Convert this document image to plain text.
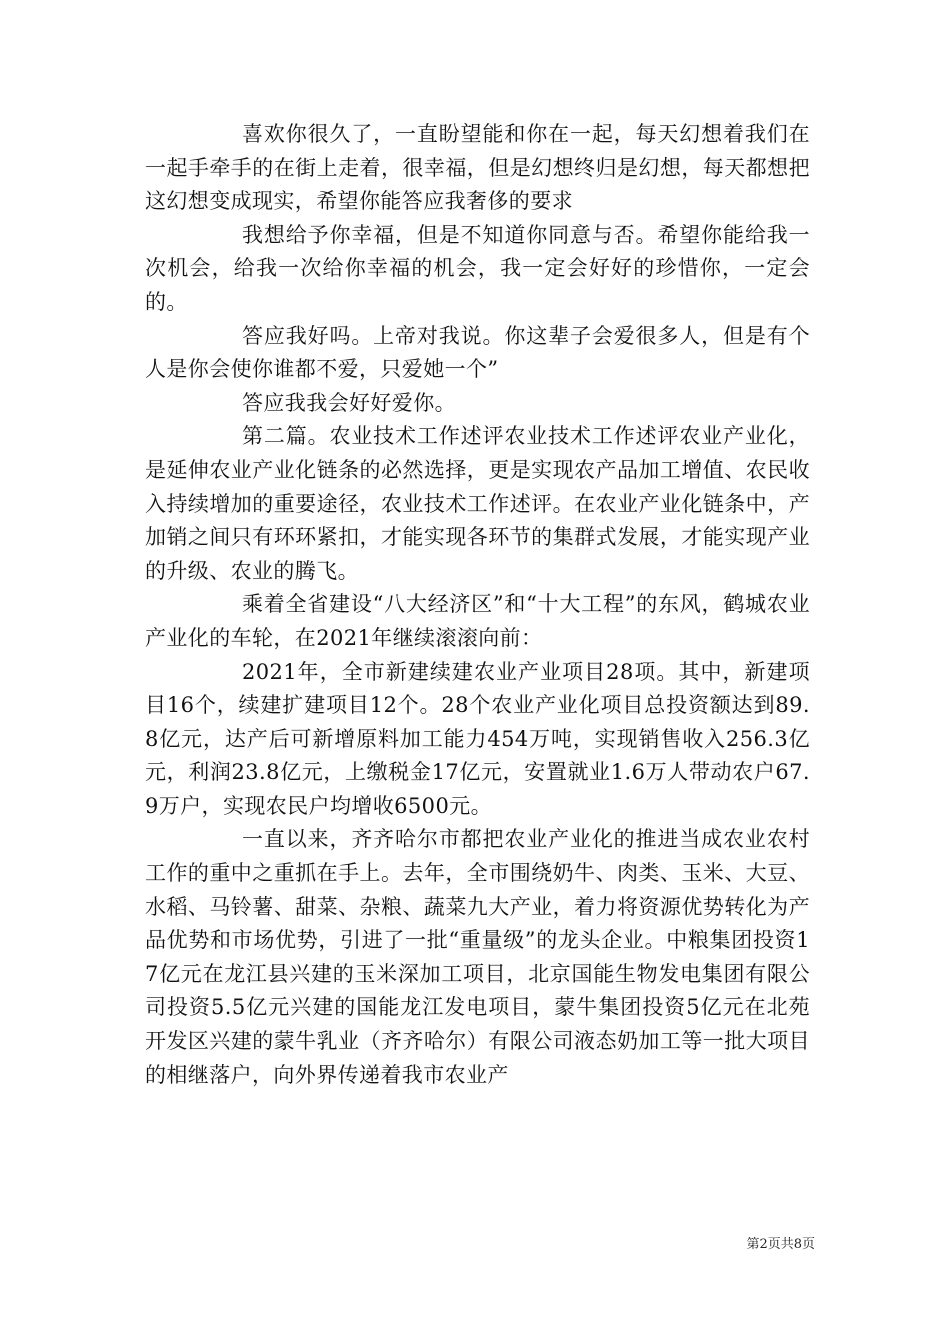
喜欢你很久了，一直盼望能和你在一起，每天幻想着我们在一起手牵手的在街上走着，很幸福，但是幻想终归是幻想，每天都想把这幻想变成现实，希望你能答应我奢侈的要求

我想给予你幸福，但是不知道你同意与否。希望你能给我一次机会，给我一次给你幸福的机会，我一定会好好的珍惜你，一定会的。

答应我好吗。上帝对我说。你这辈子会爱很多人，但是有个人是你会使你谁都不爱，只爱她一个”

答应我我会好好爱你。

第二篇。农业技术工作述评农业技术工作述评农业产业化，是延伸农业产业化链条的必然选择，更是实现农产品加工增值、农民收入持续增加的重要途径，农业技术工作述评。在农业产业化链条中，产加销之间只有环环紧扣，才能实现各环节的集群式发展，才能实现产业的升级、农业的腾飞。

乘着全省建设“八大经济区”和“十大工程”的东风，鹤城农业产业化的车轮，在2021年继续滚滚向前：

2021年，全市新建续建农业产业项目28项。其中，新建项目16个，续建扩建项目12个。28个农业产业化项目总投资额达到89.8亿元，达产后可新增原料加工能力454万吨，实现销售收入256.3亿元，利润23.8亿元，上缴税金17亿元，安置就业1.6万人带动农户67.9万户，实现农民户均增收6500元。

一直以来，齐齐哈尔市都把农业产业化的推进当成农业农村工作的重中之重抓在手上。去年，全市围绕奶牛、肉类、玉米、大豆、水稻、马铃薯、甜菜、杂粮、蔬菜九大产业，着力将资源优势转化为产品优势和市场优势，引进了一批“重量级”的龙头企业。中粮集团投资17亿元在龙江县兴建的玉米深加工项目，北京国能生物发电集团有限公司投资5.5亿元兴建的国能龙江发电项目，蒙牛集团投资5亿元在北苑开发区兴建的蒙牛乳业（齐齐哈尔）有限公司液态奶加工等一批大项目的相继落户，向外界传递着我市农业产

第2页共8页
